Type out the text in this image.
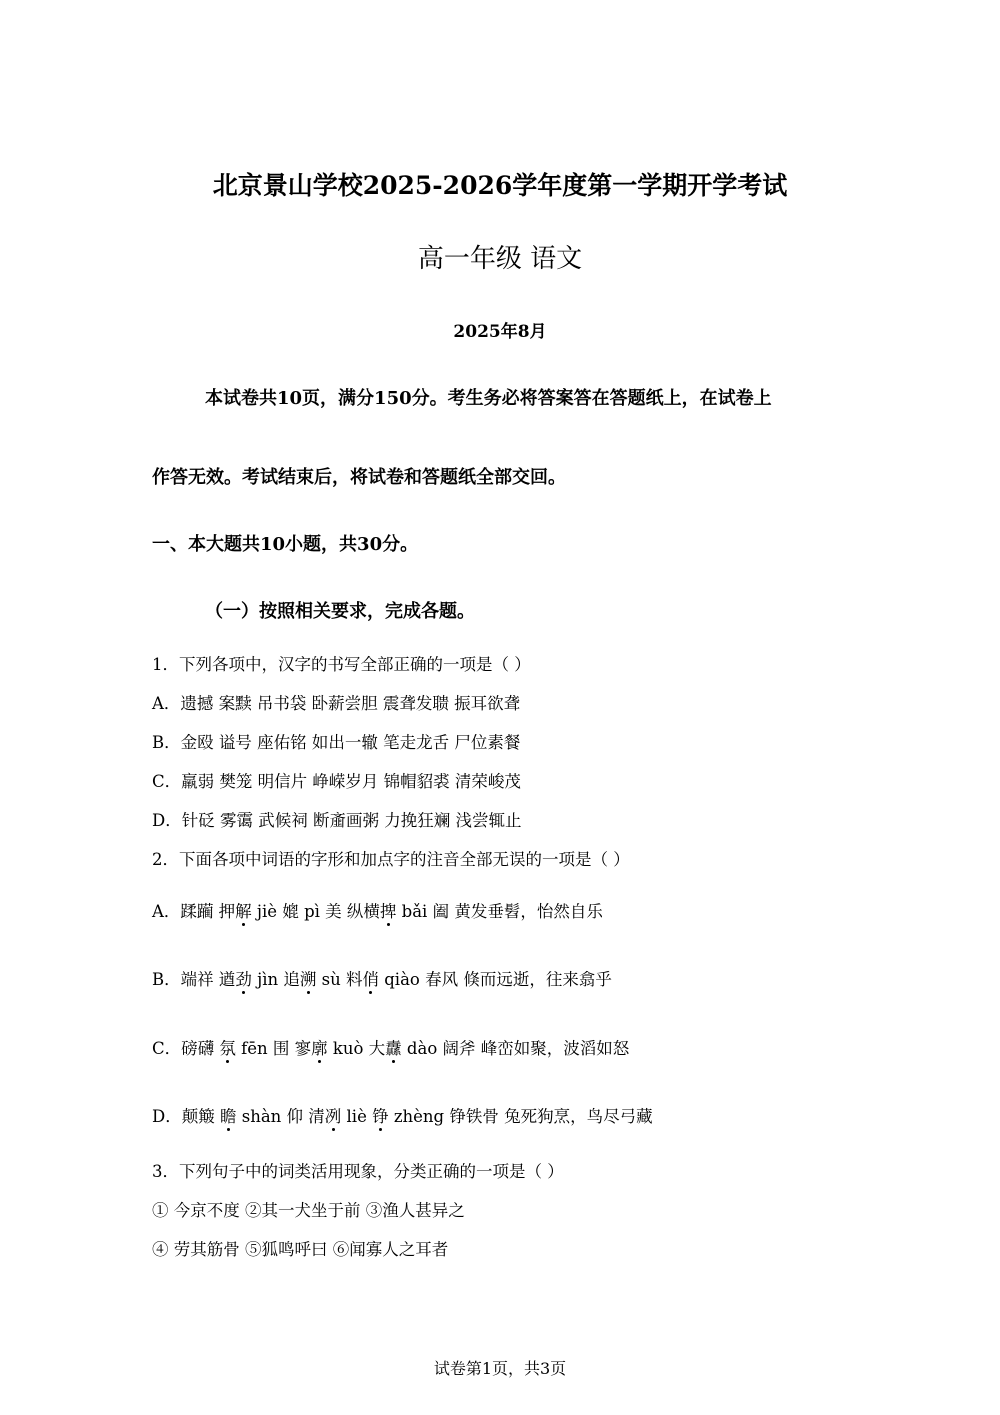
北京景山学校2025-2026学年度第一学期开学考试
高一年级 语文
2025年8月
本试卷共10页，满分150分。考生务必将答案答在答题纸上，在试卷上
作答无效。考试结束后，将试卷和答题纸全部交回。
一、本大题共10小题，共30分。
（一）按照相关要求，完成各题。
1．下列各项中，汉字的书写全部正确的一项是（ ）
A．遗撼 案黩 吊书袋 卧薪尝胆 震聋发聩 振耳欲聋
B．金殴 谥号 座佑铭 如出一辙 笔走龙舌 尸位素餐
C．羸弱 樊笼 明信片 峥嵘岁月 锦帽貂裘 清荣峻茂
D．针砭 雾霭 武候祠 断齑画粥 力挽狂斓 浅尝辄止
2．下面各项中词语的字形和加点字的注音全部无误的一项是（ ）
A．蹂躏 押解
jiè 媲 pì 美 纵横捭
bǎi 阖 黄发垂髫，怡然自乐
B．端祥 遒劲
jìn 追溯
sù 料俏
qiào 春风 倏而远逝，往来翕乎
C．磅礴 氛
fēn 围 寥廓
kuò 大纛
dào 阔斧 峰峦如聚，波滔如怒
D．颠簸 瞻
shàn 仰 清冽
liè 铮
zhèng 铮铁骨 兔死狗烹，鸟尽弓藏
3．下列句子中的词类活用现象，分类正确的一项是（ ）
① 今京不度 ②其一犬坐于前 ③渔人甚异之
④ 劳其筋骨 ⑤狐鸣呼曰 ⑥闻寡人之耳者
试卷第1页，共3页
